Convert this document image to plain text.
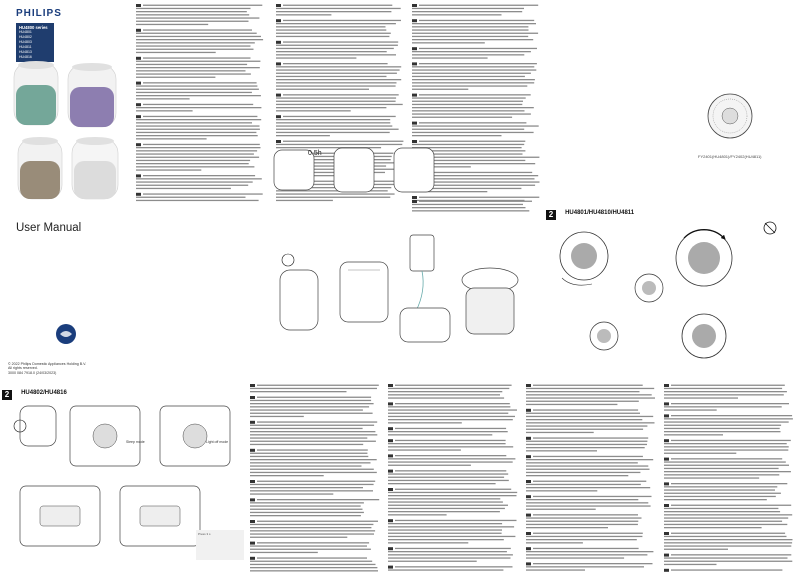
PHILIPS
HU4800 series
HU4801
HU4802
HU4803
HU4811
HU4813
HU4816
User Manual
FY2401(HU4801)/FY2402(HU4811)
2 HU4801/HU4810/HU4811
0.5h
© 2022 Philips Domestic Appliances Holding B.V.
All rights reserved.
3000 084 7918.0 (24/03/2023)
2 HU4802/HU4816
Sleep mode	Light off mode
Press 3 s
